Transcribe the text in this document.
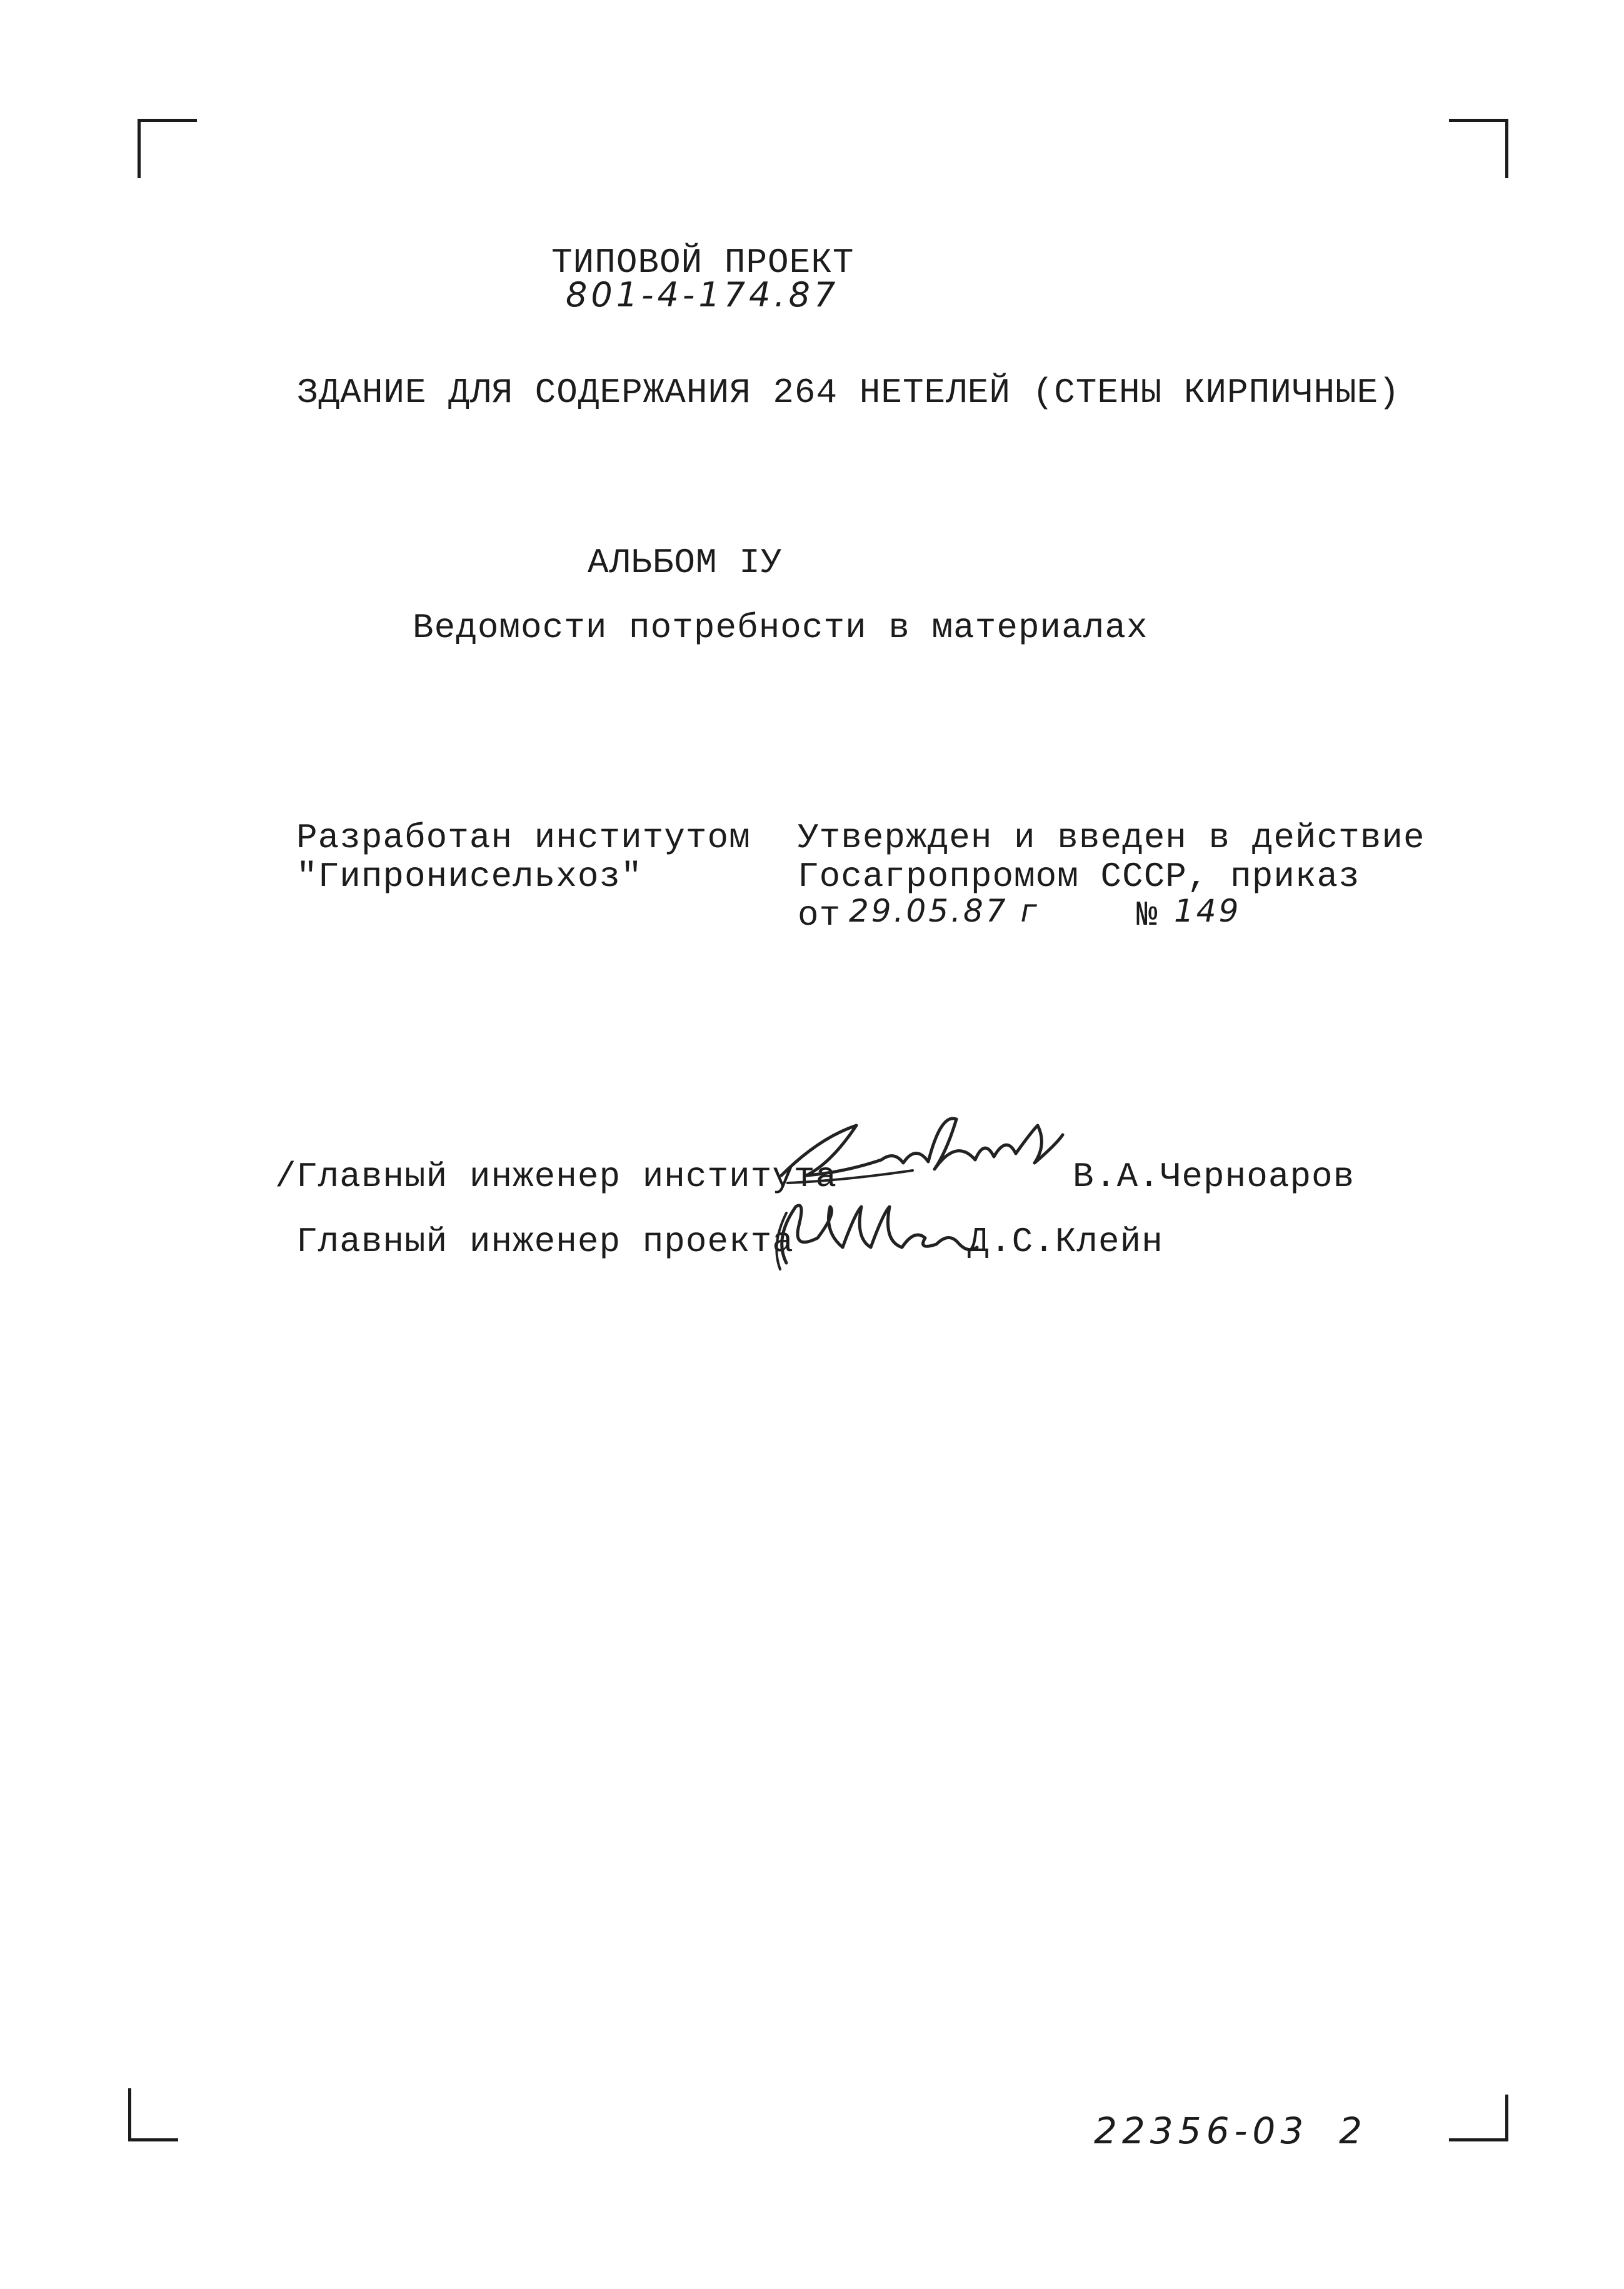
ТИПОВОЙ ПРОЕКТ
801-4-174.87
ЗДАНИЕ ДЛЯ СОДЕРЖАНИЯ 264 НЕТЕЛЕЙ (СТЕНЫ КИРПИЧНЫЕ)
АЛЬБОМ IУ
Ведомости потребности в материалах
Разработан институтом
"Гипронисельхоз"
Утвержден и введен в действие
Госагропромом СССР, приказ
от 29.05.87 г	№ 149
/ Главный инженер института	В .А.Черноаров
Главный инженер проекта	Д .С.Клейн
22356-03 2
